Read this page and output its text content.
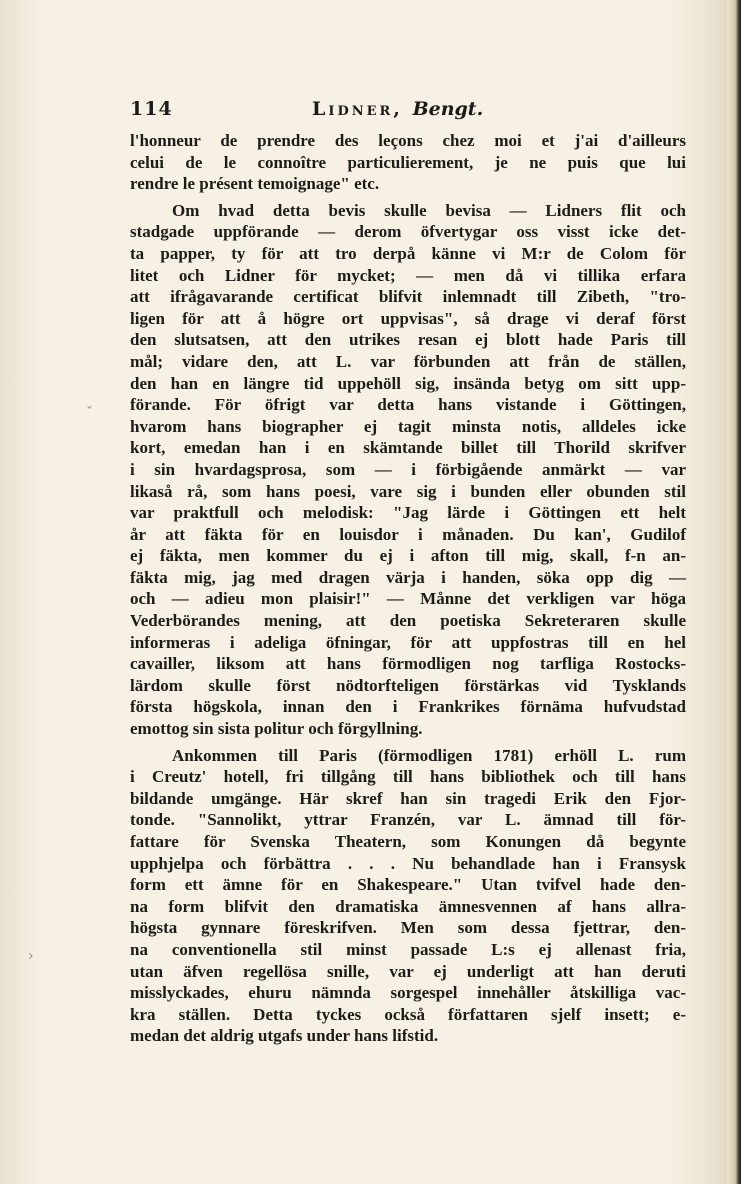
114	Lidner, Bengt.
l'honneur de prendre des leçons chez moi et j'ai d'ailleurs
celui de le connoître particulierement, je ne puis que lui
rendre le présent temoignage" etc.
Om hvad detta bevis skulle bevisa — Lidners flit och
stadgade uppförande — derom öfvertygar oss visst icke det-
ta papper, ty för att tro derpå känne vi M:r de Colom för
litet och Lidner för mycket; — men då vi tillika erfara
att ifrågavarande certificat blifvit inlemnadt till Zibeth, "tro-
ligen för att å högre ort uppvisas", så drage vi deraf först
den slutsatsen, att den utrikes resan ej blott hade Paris till
mål; vidare den, att L. var förbunden att från de ställen,
den han en längre tid uppehöll sig, insända betyg om sitt upp-
förande. För öfrigt var detta hans vistande i Göttingen,
hvarom hans biographer ej tagit minsta notis, alldeles icke
kort, emedan han i en skämtande billet till Thorild skrifver
i sin hvardagsprosa, som — i förbigående anmärkt — var
likaså rå, som hans poesi, vare sig i bunden eller obunden stil
var praktfull och melodisk: "Jag lärde i Göttingen ett helt
år att fäkta för en louisdor i månaden. Du kan', Gudilof
ej fäkta, men kommer du ej i afton till mig, skall, f-n an-
fäkta mig, jag med dragen värja i handen, söka opp dig —
och — adieu mon plaisir!" — Månne det verkligen var höga
Vederbörandes mening, att den poetiska Sekreteraren skulle
informeras i adeliga öfningar, för att uppfostras till en hel
cavailler, liksom att hans förmodligen nog tarfliga Rostocks-
lärdom skulle först nödtorfteligen förstärkas vid Tysklands
första högskola, innan den i Frankrikes förnäma hufvudstad
emottog sin sista politur och förgyllning.
Ankommen till Paris (förmodligen 1781) erhöll L. rum
i Creutz' hotell, fri tillgång till hans bibliothek och till hans
bildande umgänge. Här skref han sin tragedi Erik den Fjor-
tonde. "Sannolikt, yttrar Franzén, var L. ämnad till för-
fattare för Svenska Theatern, som Konungen då begynte
upphjelpa och förbättra . . . Nu behandlade han i Fransysk
form ett ämne för en Shakespeare." Utan tvifvel hade den-
na form blifvit den dramatiska ämnesvennen af hans allra-
högsta gynnare föreskrifven. Men som dessa fjettrar, den-
na conventionella stil minst passade L:s ej allenast fria,
utan äfven regellösa snille, var ej underligt att han deruti
misslyckades, ehuru nämnda sorgespel innehåller åtskilliga vac-
kra ställen. Detta tyckes också författaren sjelf insett; e-
medan det aldrig utgafs under hans lifstid.
˯
›
